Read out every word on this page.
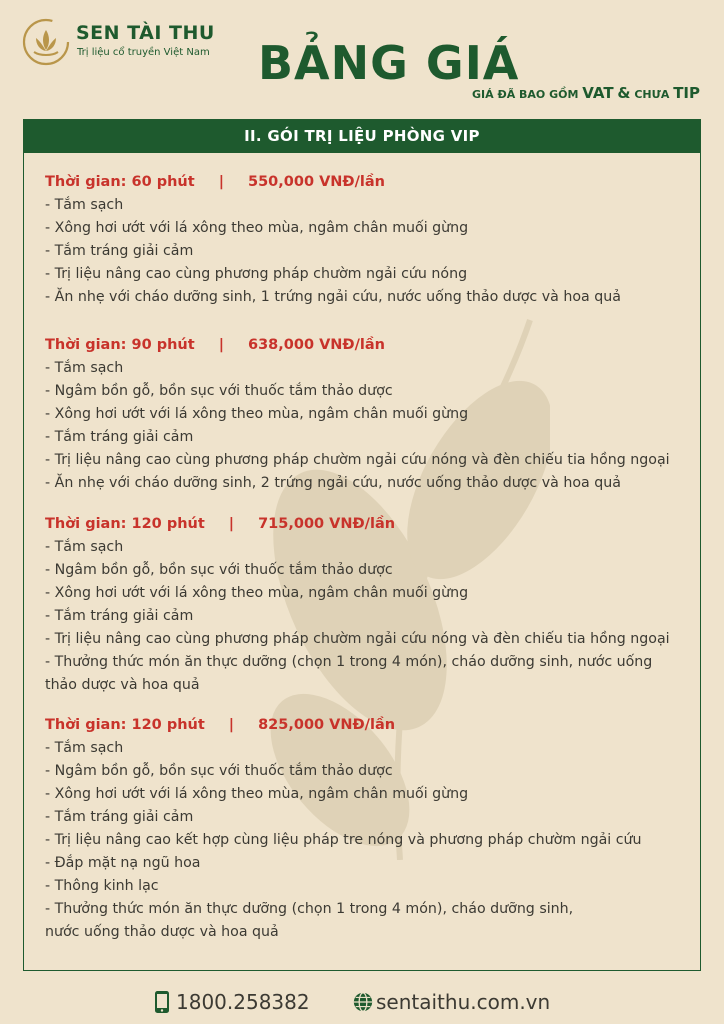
SEN TÀI THU
Trị liệu cổ truyền Việt Nam BẢNG GIÁ
GIÁ ĐÃ BAO GỒM VAT & CHƯA TIP
II. GÓI TRỊ LIỆU PHÒNG VIP
Thời gian: 60 phút | 550,000 VNĐ/lần
- Tắm sạch
- Xông hơi ướt với lá xông theo mùa, ngâm chân muối gừng
- Tắm tráng giải cảm
- Trị liệu nâng cao cùng phương pháp chườm ngải cứu nóng
- Ăn nhẹ với cháo dưỡng sinh, 1 trứng ngải cứu, nước uống thảo dược và hoa quả
Thời gian: 90 phút | 638,000 VNĐ/lần
- Tắm sạch
- Ngâm bồn gỗ, bồn sục với thuốc tắm thảo dược
- Xông hơi ướt với lá xông theo mùa, ngâm chân muối gừng
- Tắm tráng giải cảm
- Trị liệu nâng cao cùng phương pháp chườm ngải cứu nóng và đèn chiếu tia hồng ngoại
- Ăn nhẹ với cháo dưỡng sinh, 2 trứng ngải cứu, nước uống thảo dược và hoa quả
Thời gian: 120 phút | 715,000 VNĐ/lần
- Tắm sạch
- Ngâm bồn gỗ, bồn sục với thuốc tắm thảo dược
- Xông hơi ướt với lá xông theo mùa, ngâm chân muối gừng
- Tắm tráng giải cảm
- Trị liệu nâng cao cùng phương pháp chườm ngải cứu nóng và đèn chiếu tia hồng ngoại
- Thưởng thức món ăn thực dưỡng (chọn 1 trong 4 món), cháo dưỡng sinh, nước uống
thảo dược và hoa quả
Thời gian: 120 phút | 825,000 VNĐ/lần
- Tắm sạch
- Ngâm bồn gỗ, bồn sục với thuốc tắm thảo dược
- Xông hơi ướt với lá xông theo mùa, ngâm chân muối gừng
- Tắm tráng giải cảm
- Trị liệu nâng cao kết hợp cùng liệu pháp tre nóng và phương pháp chườm ngải cứu
- Đắp mặt nạ ngũ hoa
- Thông kinh lạc
- Thưởng thức món ăn thực dưỡng (chọn 1 trong 4 món), cháo dưỡng sinh,
nước uống thảo dược và hoa quả
1800.258382	sentaithu.com.vn
